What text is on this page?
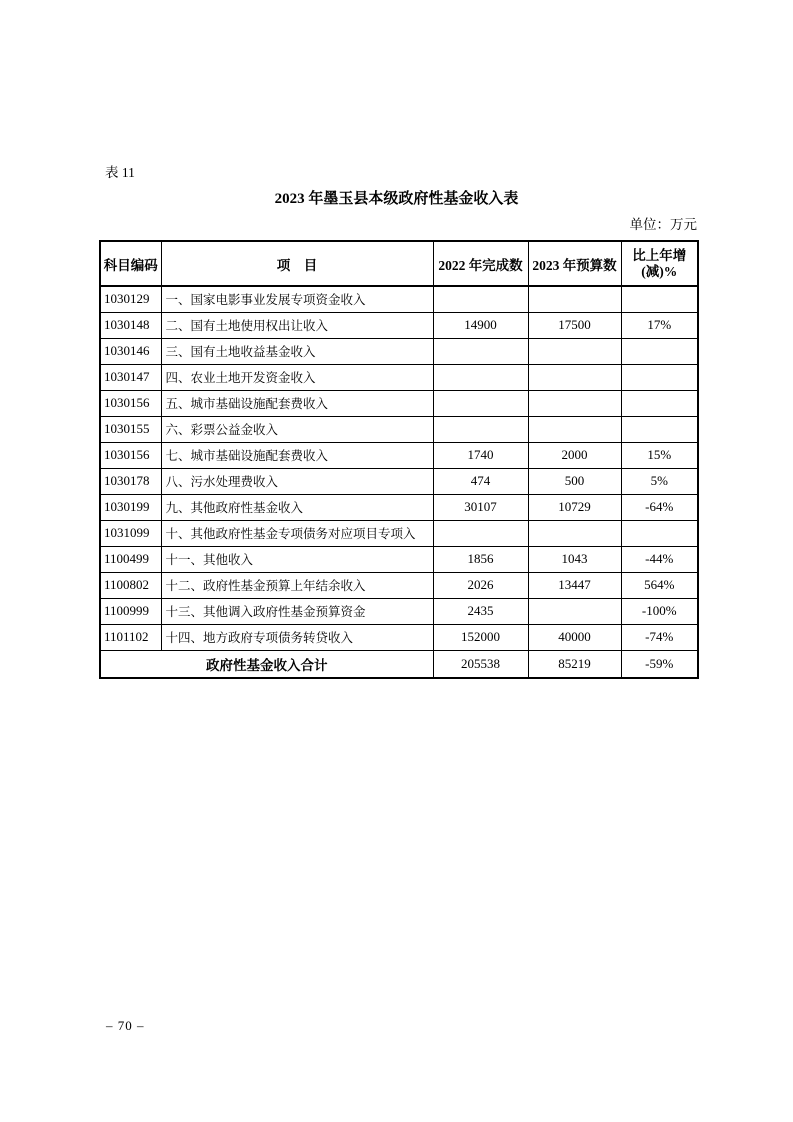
表 11
2023 年墨玉县本级政府性基金收入表
单位：万元
科目编码	项　目	2022 年完成数	2023 年预算数	比上年增
(减)%

1030129	一、国家电影事业发展专项资金收入			
1030148	二、国有土地使用权出让收入	14900	17500	17%
1030146	三、国有土地收益基金收入			
1030147	四、农业土地开发资金收入			
1030156	五、城市基础设施配套费收入			
1030155	六、彩票公益金收入			
1030156	七、城市基础设施配套费收入	1740	2000	15%
1030178	八、污水处理费收入	474	500	5%
1030199	九、其他政府性基金收入	30107	10729	-64%
1031099	十、其他政府性基金专项债务对应项目专项入			
1100499	十一、其他收入	1856	1043	-44%
1100802	十二、政府性基金预算上年结余收入	2026	13447	564%
1100999	十三、其他调入政府性基金预算资金	2435		-100%
1101102	十四、地方政府专项债务转贷收入	152000	40000	-74%
政府性基金收入合计		205538	85219	-59%
– 70 –
